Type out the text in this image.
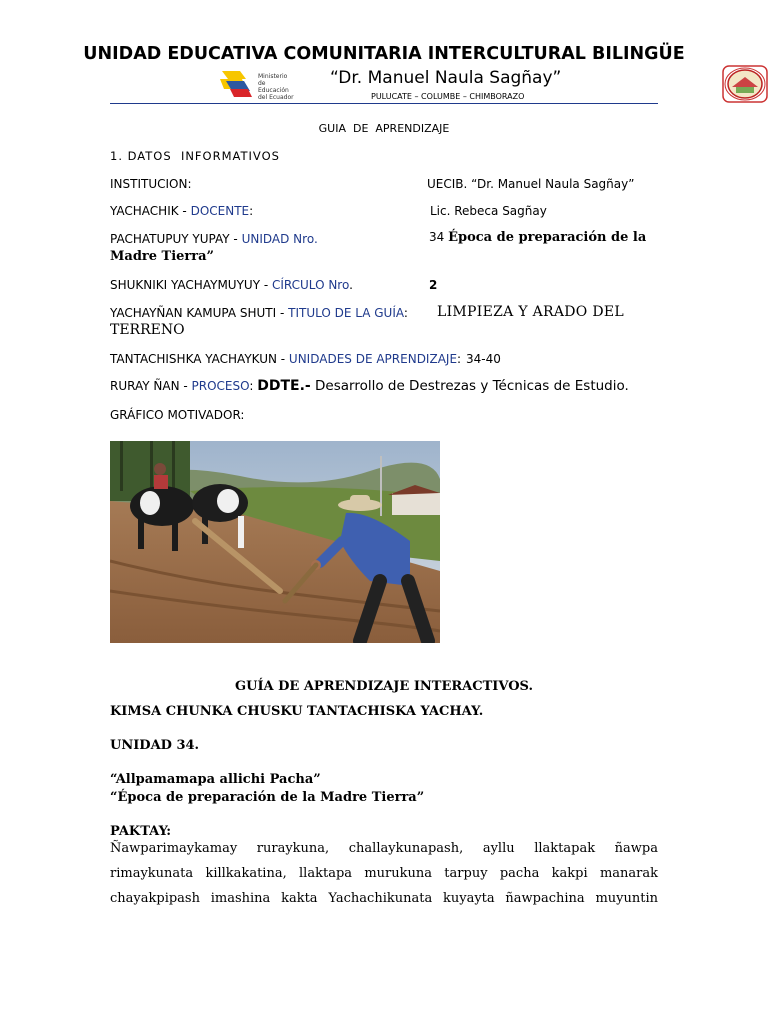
UNIDAD EDUCATIVA COMUNITARIA INTERCULTURAL BILINGÜE
Ministerio
de Educación
del Ecuador
“Dr. Manuel Naula Sagñay”
PULUCATE – COLUMBE – CHIMBORAZO
GUIA  DE  APRENDIZAJE
1. DATOS  INFORMATIVOS
INSTITUCION:	UECIB. “Dr. Manuel Naula Sagñay”
YACHACHIK - DOCENTE:	Lic. Rebeca Sagñay
PACHATUPUY YUPAY - UNIDAD Nro.	34 Época de preparación de la
Madre Tierra”
SHUKNIKI YACHAYMUYUY - CÍRCULO Nro.	2
YACHAYÑAN KAMUPA SHUTI - TITULO DE LA GUÍA: LIMPIEZA Y ARADO DEL
TERRENO
TANTACHISHKA YACHAYKUN - UNIDADES DE APRENDIZAJE: 34-40
RURAY ÑAN - PROCESO: DDTE.- Desarrollo de Destrezas y Técnicas de Estudio.
GRÁFICO MOTIVADOR:
GUÍA DE APRENDIZAJE INTERACTIVOS.
KIMSA CHUNKA CHUSKU TANTACHISKA YACHAY.
UNIDAD 34.
“Allpamamapa allichi Pacha”
“Época de preparación de la Madre Tierra”
PAKTAY:
Ñawparimaykamay ruraykuna, challaykunapash, ayllu llaktapak ñawpa
rimaykunata killkakatina, llaktapa murukuna tarpuy pacha kakpi manarak
chayakpipash imashina kakta Yachachikunata kuyayta ñawpachina muyuntin
